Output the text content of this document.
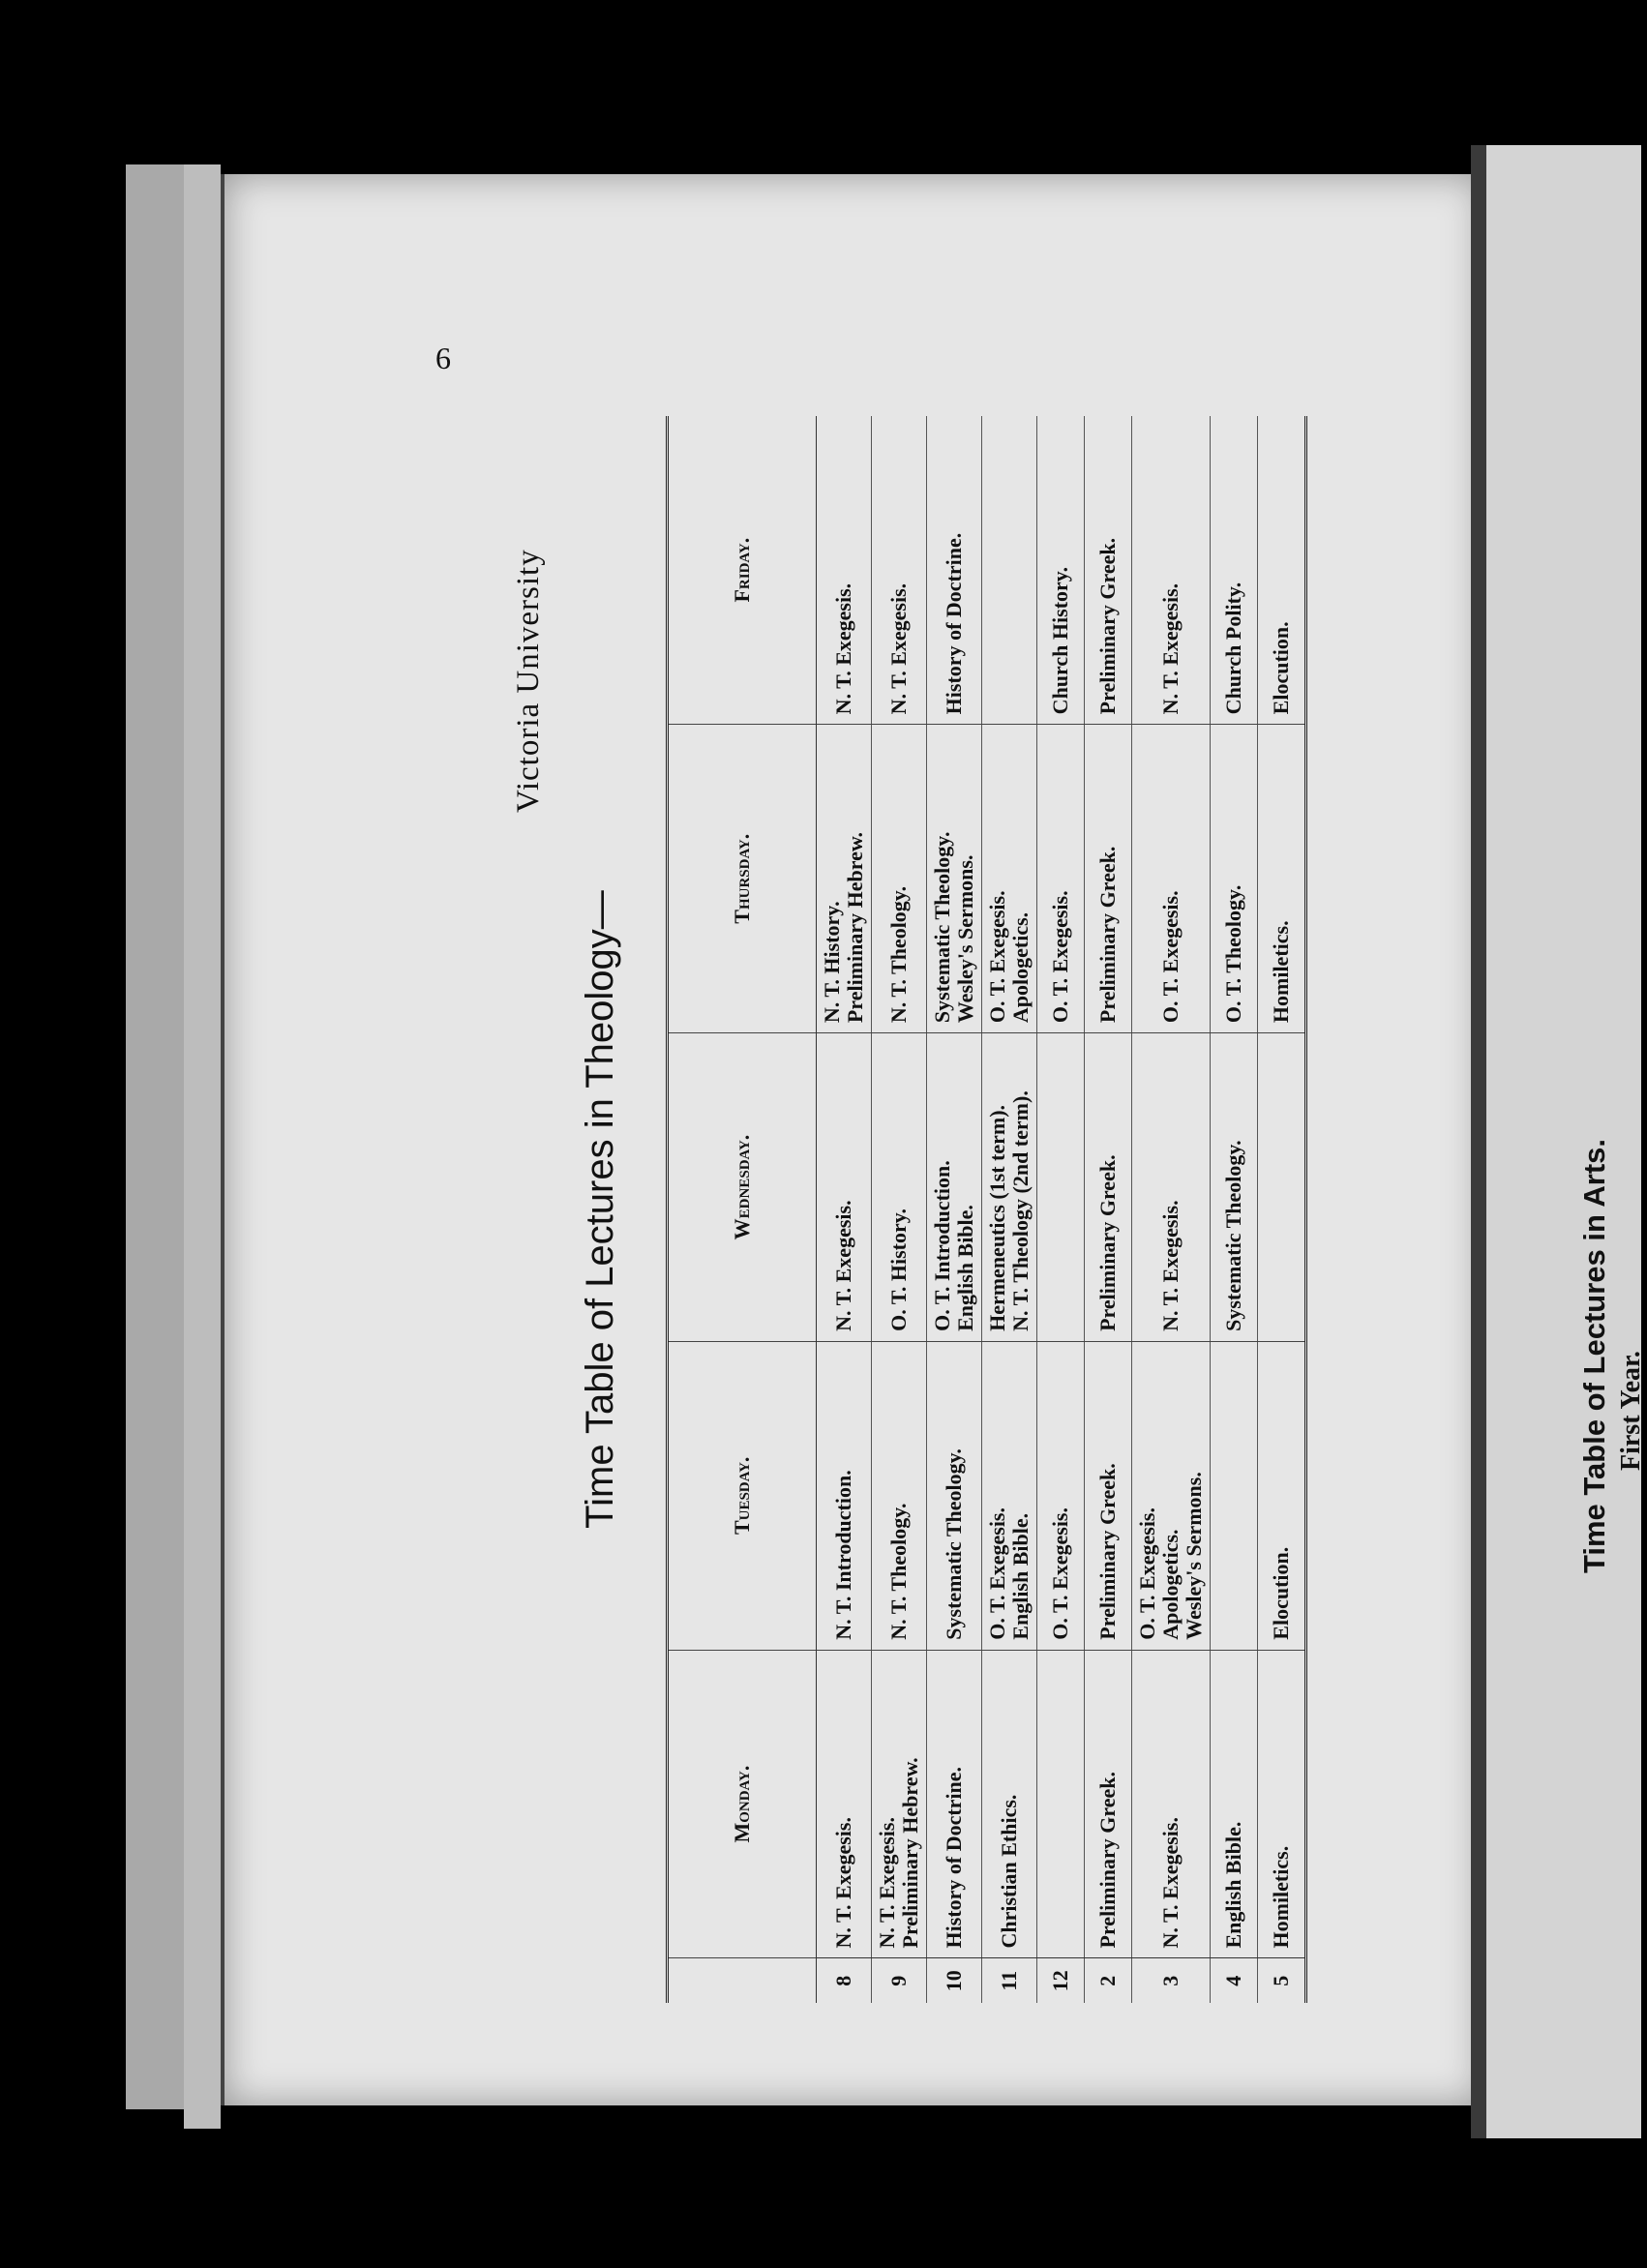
6
Victoria University
Time Table of Lectures in Theology—
	Monday.	Tuesday.	Wednesday.	Thursday.	Friday.
8	N. T. Exegesis.	N. T. Introduction.	N. T. Exegesis.	N. T. History. Preliminary Hebrew.	N. T. Exegesis.

9	N. T. Exegesis. Preliminary Hebrew.	N. T. Theology.	O. T. History.	N. T. Theology.	N. T. Exegesis.

10	History of Doctrine.	Systematic Theology.	O. T. Introduction. English Bible.	Systematic Theology. Wesley's Sermons.	History of Doctrine.

11	Christian Ethics.	O. T. Exegesis. English Bible.	Hermeneutics (1st term). N. T. Theology (2nd term).	O. T. Exegesis. Apologetics.	

12		O. T. Exegesis.		O. T. Exegesis.	Church History.

2	Preliminary Greek.	Preliminary Greek.	Preliminary Greek.	Preliminary Greek.	Preliminary Greek.

3	N. T. Exegesis.	O. T. Exegesis. Apologetics. Wesley's Sermons.	N. T. Exegesis.	O. T. Exegesis.	N. T. Exegesis.

4	English Bible.		Systematic Theology.	O. T. Theology.	Church Polity.

5	Homiletics.	Elocution.		Homiletics.	Elocution.
Time Table of Lectures in Arts. First Year.
